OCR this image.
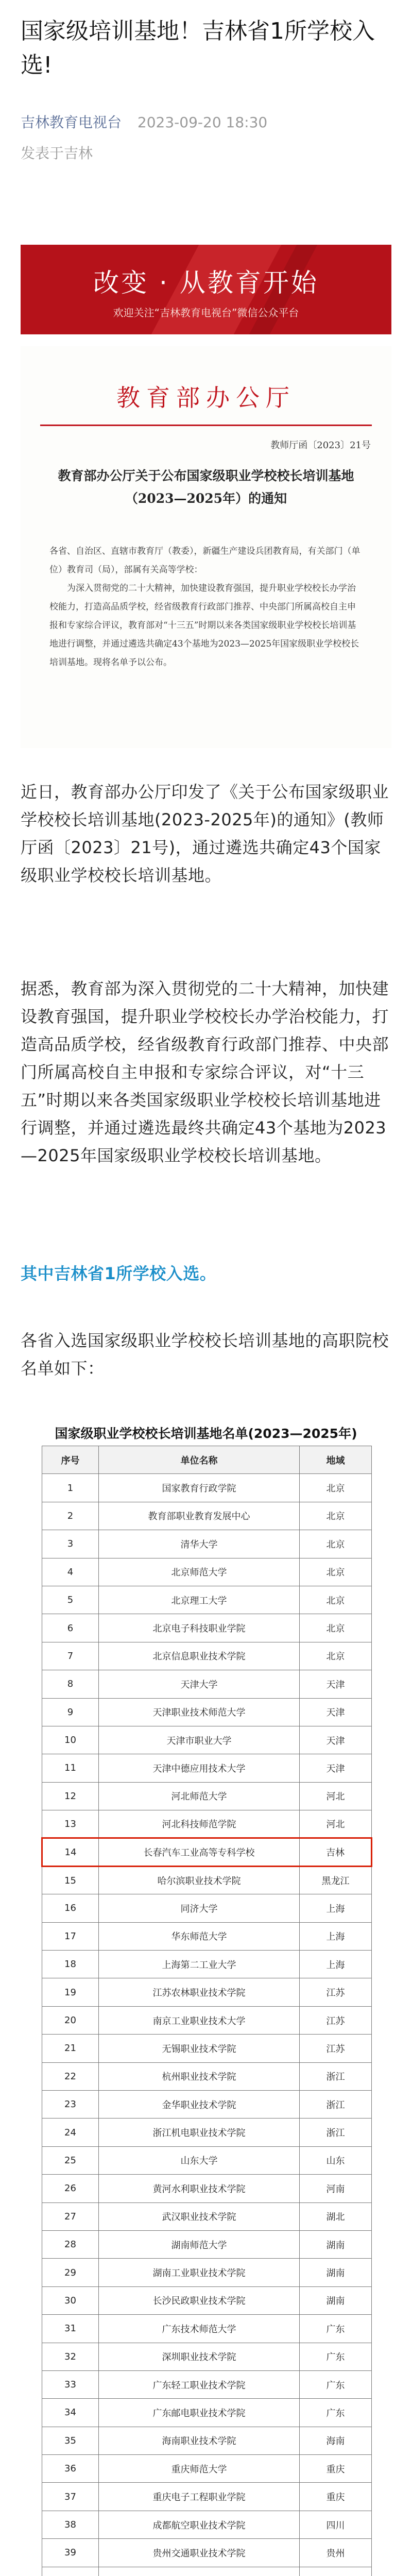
国家级培训基地！吉林省1所学校入选!
吉林教育电视台 2023-09-20 18:30
发表于吉林
改变 · 从教育开始
欢迎关注“吉林教育电视台”微信公众平台
教育部办公厅
教师厅函〔2023〕21号
教育部办公厅关于公布国家级职业学校校长培训基地（2023—2025年）的通知

各省、自治区、直辖市教育厅（教委），新疆生产建设兵团教育局，有关部门（单位）教育司（局），部属有关高等学校：

为深入贯彻党的二十大精神，加快建设教育强国，提升职业学校校长办学治校能力，打造高品质学校，经省级教育行政部门推荐、中央部门所属高校自主申报和专家综合评议，教育部对“十三五”时期以来各类国家级职业学校校长培训基地进行调整，并通过遴选共确定43个基地为2023—2025年国家级职业学校校长培训基地。现将名单予以公布。

近日，教育部办公厅印发了《关于公布国家级职业学校校长培训基地(2023-2025年)的通知》(教师厅函〔2023〕21号)，通过遴选共确定43个国家级职业学校校长培训基地。

据悉，教育部为深入贯彻党的二十大精神，加快建设教育强国，提升职业学校校长办学治校能力，打造高品质学校，经省级教育行政部门推荐、中央部门所属高校自主申报和专家综合评议，对“十三五”时期以来各类国家级职业学校校长培训基地进行调整，并通过遴选最终共确定43个基地为2023—2025年国家级职业学校校长培训基地。

其中吉林省1所学校入选。

各省入选国家级职业学校校长培训基地的高职院校名单如下：

国家级职业学校校长培训基地名单(2023—2025年)
序号	单位名称	地域
1	国家教育行政学院	北京
2	教育部职业教育发展中心	北京
3	清华大学	北京
4	北京师范大学	北京
5	北京理工大学	北京
6	北京电子科技职业学院	北京
7	北京信息职业技术学院	北京
8	天津大学	天津
9	天津职业技术师范大学	天津
10	天津市职业大学	天津
11	天津中德应用技术大学	天津
12	河北师范大学	河北
13	河北科技师范学院	河北
14	长春汽车工业高等专科学校	吉林
15	哈尔滨职业技术学院	黑龙江
16	同济大学	上海
17	华东师范大学	上海
18	上海第二工业大学	上海
19	江苏农林职业技术学院	江苏
20	南京工业职业技术大学	江苏
21	无锡职业技术学院	江苏
22	杭州职业技术学院	浙江
23	金华职业技术学院	浙江
24	浙江机电职业技术学院	浙江
25	山东大学	山东
26	黄河水利职业技术学院	河南
27	武汉职业技术学院	湖北
28	湖南师范大学	湖南
29	湖南工业职业技术学院	湖南
30	长沙民政职业技术学院	湖南
31	广东技术师范大学	广东
32	深圳职业技术学院	广东
33	广东轻工职业技术学院	广东
34	广东邮电职业技术学院	广东
35	海南职业技术学院	海南
36	重庆师范大学	重庆
37	重庆电子工程职业学院	重庆
38	成都航空职业技术学院	四川
39	贵州交通职业技术学院	贵州
